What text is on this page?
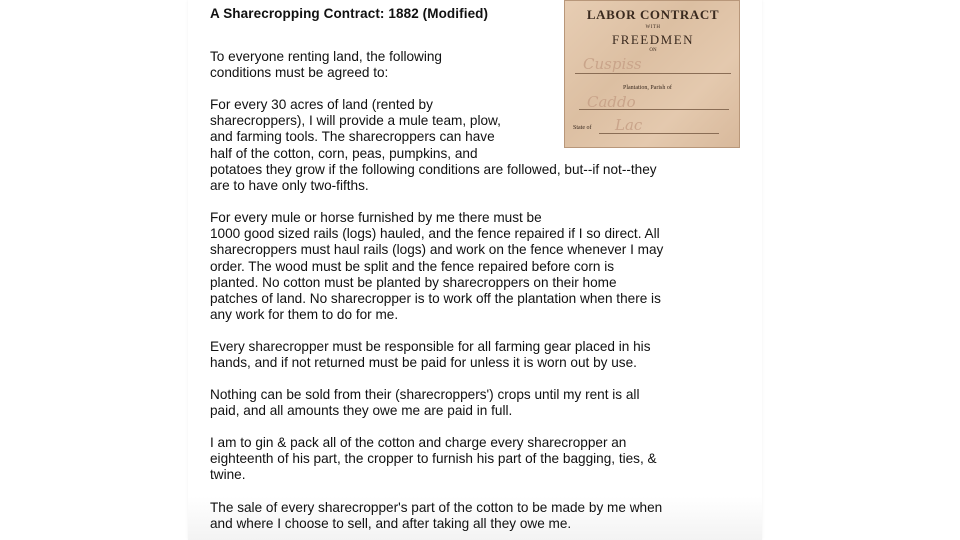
A Sharecropping Contract: 1882 (Modified)

To everyone renting land, the following
conditions must be agreed to:

For every 30 acres of land (rented by
sharecroppers), I will provide a mule team, plow,
and farming tools. The sharecroppers can have
half of the cotton, corn, peas, pumpkins, and
potatoes they grow if the following conditions are followed, but--if not--they
are to have only two-fifths.

For every mule or horse furnished by me there must be
1000 good sized rails (logs) hauled, and the fence repaired if I so direct. All
sharecroppers must haul rails (logs) and work on the fence whenever I may
order. The wood must be split and the fence repaired before corn is
planted. No cotton must be planted by sharecroppers on their home
patches of land. No sharecropper is to work off the plantation when there is
any work for them to do for me.

Every sharecropper must be responsible for all farming gear placed in his
hands, and if not returned must be paid for unless it is worn out by use.

Nothing can be sold from their (sharecroppers') crops until my rent is all
paid, and all amounts they owe me are paid in full.

I am to gin & pack all of the cotton and charge every sharecropper an
eighteenth of his part, the cropper to furnish his part of the bagging, ties, &
twine.

The sale of every sharecropper's part of the cotton to be made by me when
and where I choose to sell, and after taking all they owe me.

LABOR CONTRACT
WITH
FREEDMEN
ON
Cuspiss
Plantation, Parish of
Caddo
State of Lac
